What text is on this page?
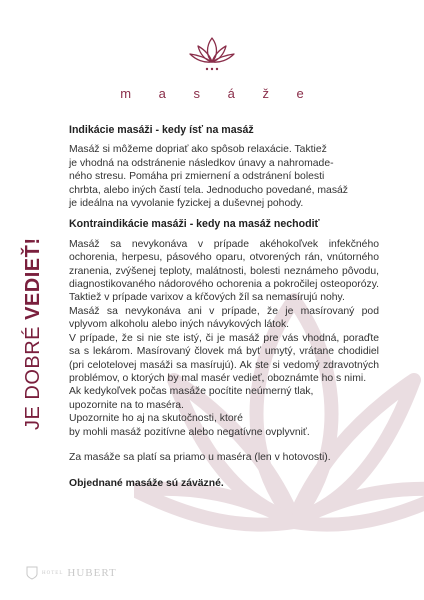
m a s á ž e
JE DOBRÉ VEDIEŤ!
Indikácie masáži - kedy ísť na masáž
Masáž si môžeme dopriať ako spôsob relaxácie. Taktiež
je vhodná na odstránenie následkov únavy a nahromade-
ného stresu. Pomáha pri zmiernení a odstránení bolesti
chrbta, alebo iných častí tela. Jednoducho povedané, masáž
je ideálna na vyvolanie fyzickej a duševnej pohody.
Kontraindikácie masáži - kedy na masáž nechodiť
Masáž sa nevykonáva v prípade akéhokoľvek infekčného ochorenia, herpesu, pásového oparu, otvorených rán, vnútorného zranenia, zvýšenej teploty, malátnosti, bolesti neznámeho pôvodu, diagnostikovaného nádorového ochorenia a pokročilej osteoporózy.
Taktiež v prípade varixov a kŕčových žíl sa nemasírujú nohy.
Masáž sa nevykonáva ani v prípade, že je masírovaný pod vplyvom alkoholu alebo iných návykových látok.
V prípade, že si nie ste istý, či je masáž pre vás vhodná, poraďte sa s lekárom. Masírovaný človek má byť umytý, vrátane chodidiel (pri celotelovej masáži sa masírujú). Ak ste si vedomý zdravotných problémov, o ktorých by mal masér vedieť, oboznámte ho s nimi.
Ak kedykoľvek počas masáže pocítite neúmerný tlak,
upozornite na to maséra.
Upozornite ho aj na skutočnosti, ktoré
by mohli masáž pozitívne alebo negatívne ovplyvniť.
Za masáže sa platí sa priamo u maséra (len v hotovosti).
Objednané masáže sú záväzné.
HOTEL HUBERT
